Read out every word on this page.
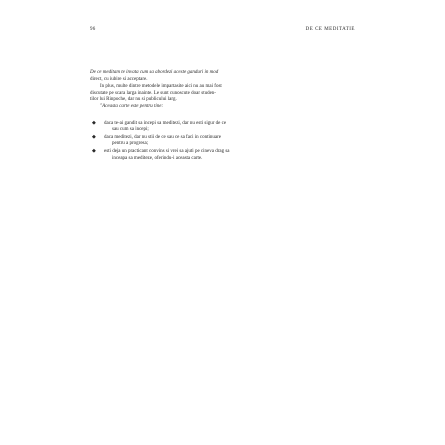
96	DE CE MEDITATIE
De ce meditam te invata cum sa abordezi aceste ganduri in mod
direct, cu iubire si acceptare.
In plus, multe dintre metodele impartasite aici nu au mai fost
discutate pe scara larga inainte. Le sunt cunoscute doar studen-
tilor lui Rinpoche, dar nu si publicului larg.
"Aceasta carte este pentru tine:
◆ daca te-ai gandit sa incepi sa meditezi, dar nu esti sigur de ce
sau cum sa incepi;
◆ daca meditezi, dar nu stii de ce sau ce sa faci in continuare
pentru a progresa;
◆ esti deja un practicant convins si vrei sa ajuti pe cineva drag sa
inceapa sa mediteze, oferindu-i aceasta carte.
